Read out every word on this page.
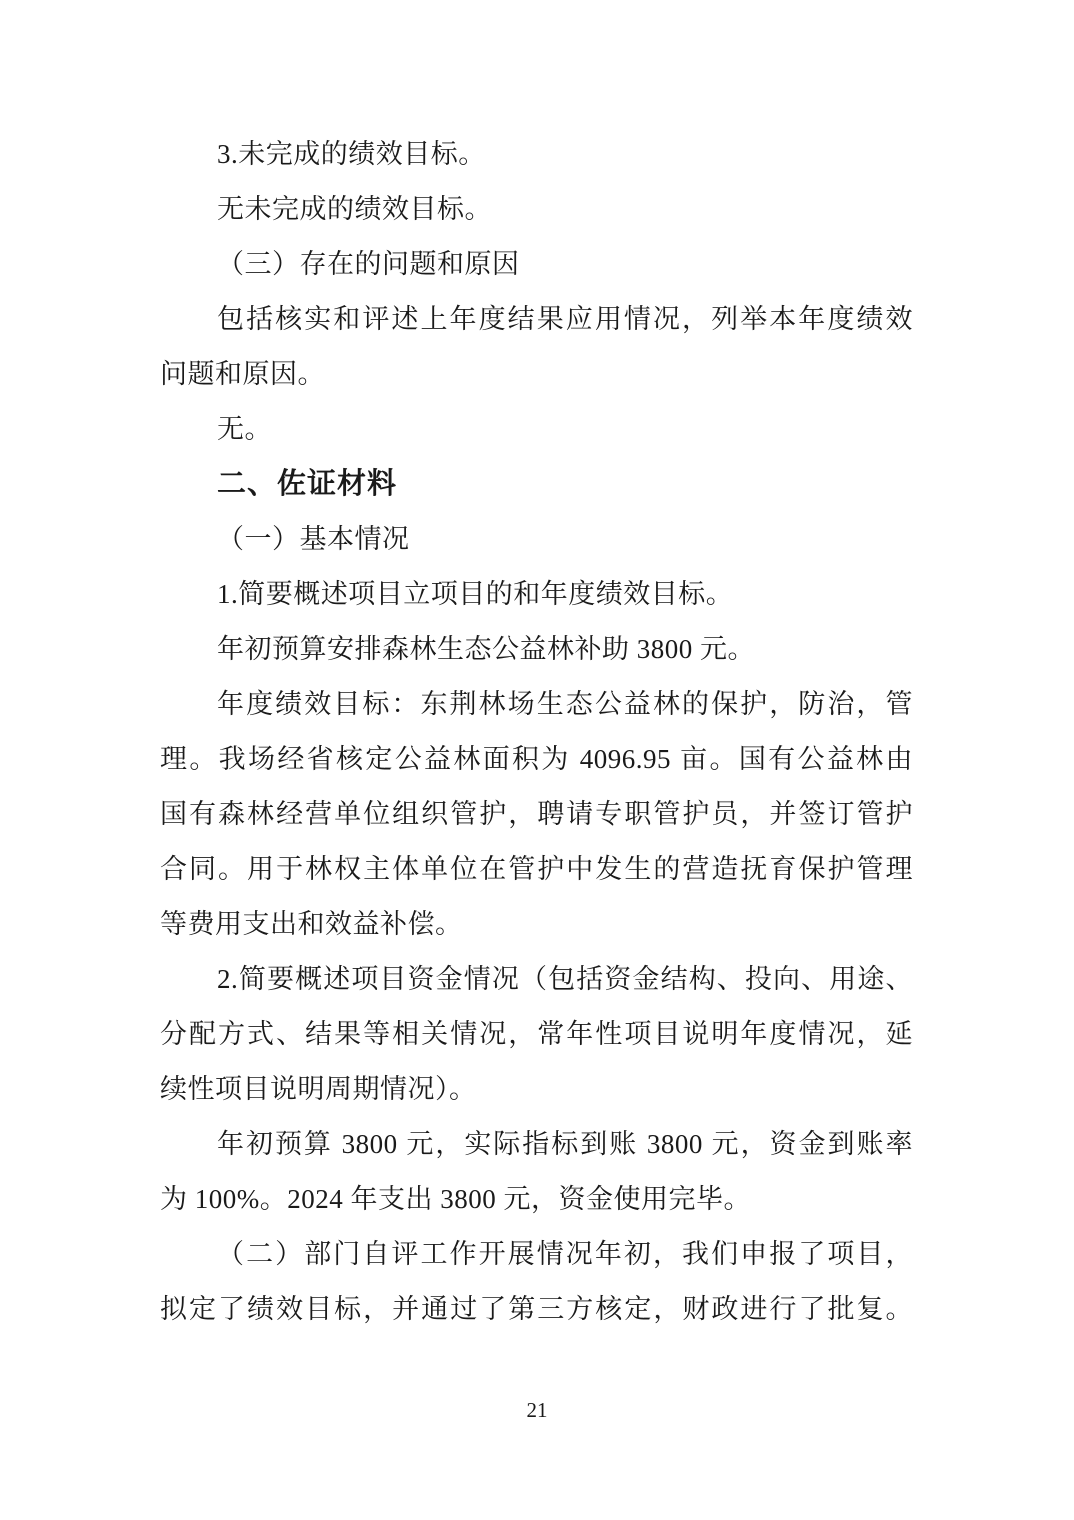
3.未完成的绩效目标。
无未完成的绩效目标。
（三）存在的问题和原因
包括核实和评述上年度结果应用情况，列举本年度绩效
问题和原因。
无。
二、佐证材料
（一）基本情况
1.简要概述项目立项目的和年度绩效目标。
年初预算安排森林生态公益林补助 3800 元。
年度绩效目标：东荆林场生态公益林的保护，防治，管
理。我场经省核定公益林面积为 4096.95 亩。国有公益林由
国有森林经营单位组织管护，聘请专职管护员，并签订管护
合同。用于林权主体单位在管护中发生的营造抚育保护管理
等费用支出和效益补偿。
2.简要概述项目资金情况（包括资金结构、投向、用途、
分配方式、结果等相关情况，常年性项目说明年度情况，延
续性项目说明周期情况）。
年初预算 3800 元，实际指标到账 3800 元，资金到账率
为 100%。2024 年支出 3800 元，资金使用完毕。
（二）部门自评工作开展情况年初，我们申报了项目，
拟定了绩效目标，并通过了第三方核定，财政进行了批复。
21
